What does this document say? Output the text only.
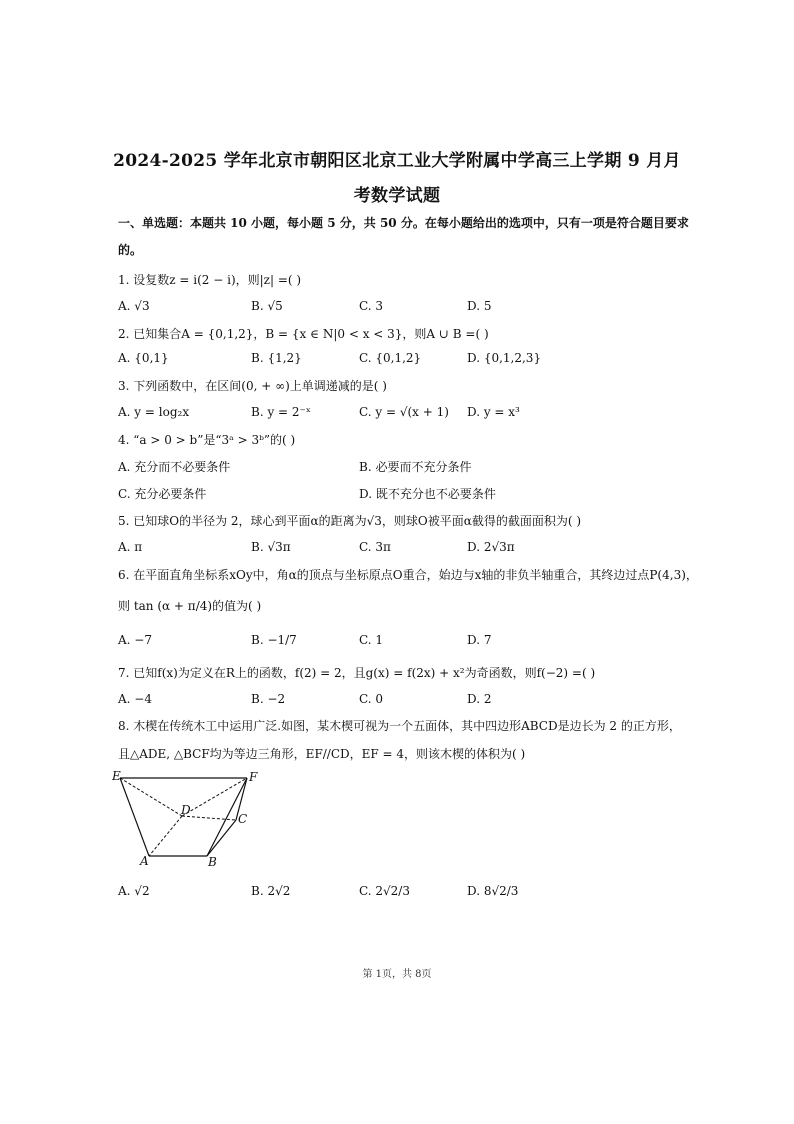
2024-2025 学年北京市朝阳区北京工业大学附属中学高三上学期 9 月月
考数学试题
一、单选题：本题共 10 小题，每小题 5 分，共 50 分。在每小题给出的选项中，只有一项是符合题目要求
的。
1. 设复数z = i(2 − i)，则|z| =( )
A. √3	B. √5	C. 3	D. 5
2. 已知集合A = {0,1,2}，B = {x ∈ N|0 < x < 3}，则A ∪ B =( )
A. {0,1}	B. {1,2}	C. {0,1,2}	D. {0,1,2,3}
3. 下列函数中，在区间(0, + ∞)上单调递减的是( )
A. y = log₂x	B. y = 2⁻ˣ	C. y = √(x + 1) D. y = x³
4. “a > 0 > b”是“3ᵃ > 3ᵇ”的( )
A. 充分而不必要条件	B. 必要而不充分条件
C. 充分必要条件	D. 既不充分也不必要条件
5. 已知球O的半径为 2，球心到平面α的距离为√3，则球O被平面α截得的截面面积为( )
A. π	B. √3π	C. 3π	D. 2√3π
6. 在平面直角坐标系xOy中，角α的顶点与坐标原点O重合，始边与x轴的非负半轴重合，其终边过点P(4,3)，
则 tan (α + π/4)的值为( )
A. −7	B. −1/7	C. 1	D. 7
7. 已知f(x)为定义在R上的函数，f(2) = 2，且g(x) = f(2x) + x²为奇函数，则f(−2) =( )
A. −4	B. −2	C. 0	D. 2
8. 木楔在传统木工中运用广泛.如图，某木楔可视为一个五面体，其中四边形ABCD是边长为 2 的正方形，
且△ADE, △BCF均为等边三角形，EF//CD，EF = 4，则该木楔的体积为( )
E	F
D
C
A	B
A. √2	B. 2√2	C. 2√2/3	D. 8√2/3
第 1页，共 8页
